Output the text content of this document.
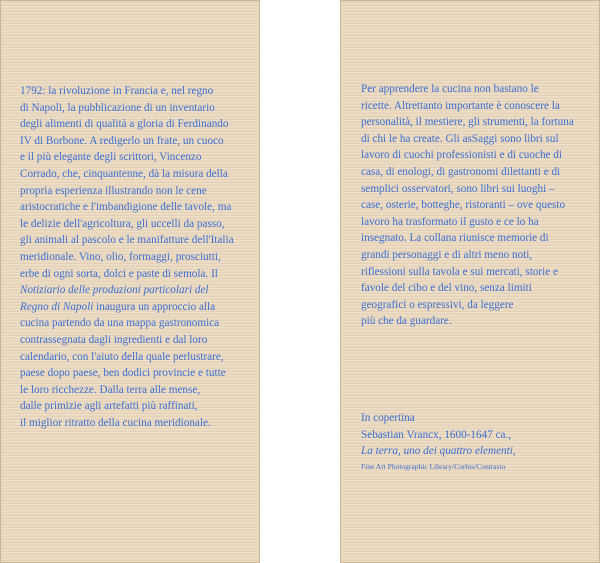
1792: la rivoluzione in Francia e, nel regno
di Napoli, la pubblicazione di un inventario
degli alimenti di qualità a gloria di Ferdinando
IV di Borbone. A redigerlo un frate, un cuoco
e il più elegante degli scrittori, Vincenzo
Corrado, che, cinquantenne, dà la misura della
propria esperienza illustrando non le cene
aristocratiche e l'imbandigione delle tavole, ma
le delizie dell'agricoltura, gli uccelli da passo,
gli animali al pascolo e le manifatture dell'Italia
meridionale. Vino, olio, formaggi, prosciutti,
erbe di ogni sorta, dolci e paste di semola. Il
Notiziario delle produzioni particolari del
Regno di Napoli inaugura un approccio alla
cucina partendo da una mappa gastronomica
contrassegnata dagli ingredienti e dal loro
calendario, con l'aiuto della quale perlustrare,
paese dopo paese, ben dodici provincie e tutte
le loro ricchezze. Dalla terra alle mense,
dalle primizie agli artefatti più raffinati,
il miglior ritratto della cucina meridionale.
Per apprendere la cucina non bastano le
ricette. Altrettanto importante è conoscere la
personalità, il mestiere, gli strumenti, la fortuna
di chi le ha create. Gli asSaggi sono libri sul
lavoro di cuochi professionisti e di cuoche di
casa, di enologi, di gastronomi dilettanti e di
semplici osservatori, sono libri sui luoghi –
case, osterie, botteghe, ristoranti – ove questo
lavoro ha trasformato il gusto e ce lo ha
insegnato. La collana riunisce memorie di
grandi personaggi e di altri meno noti,
riflessioni sulla tavola e sui mercati, storie e
favole del cibo e del vino, senza limiti
geografici o espressivi, da leggere
più che da guardare.
In copertina
Sebastian Vrancx, 1600-1647 ca.,
La terra, uno dei quattro elementi,
Fine Art Photographic Library/Corbis/Contrasto
